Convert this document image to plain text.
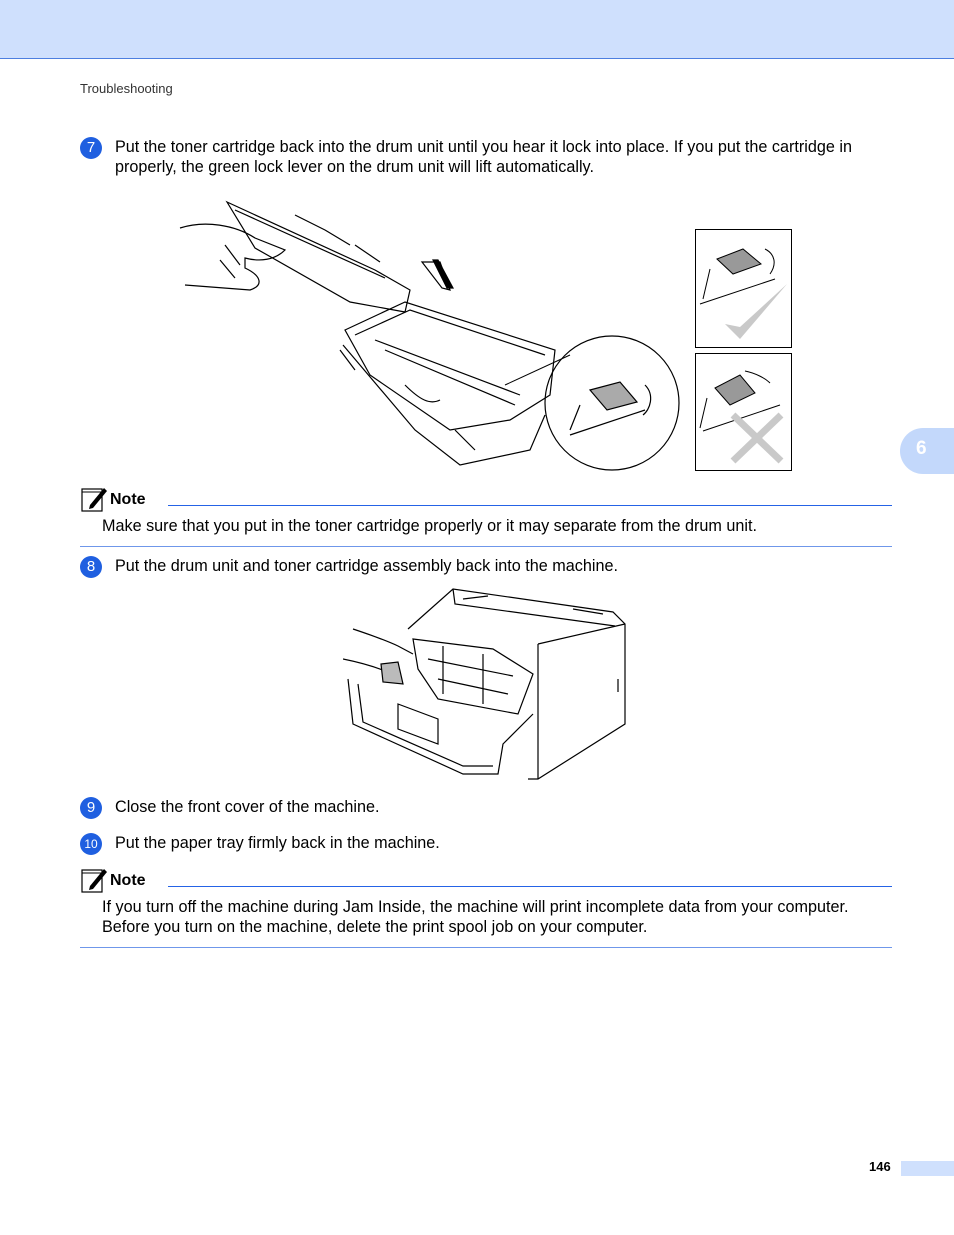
Troubleshooting
6
7	Put the toner cartridge back into the drum unit until you hear it lock into place. If you put the cartridge in properly, the green lock lever on the drum unit will lift automatically.
Note
Make sure that you put in the toner cartridge properly or it may separate from the drum unit.
8	Put the drum unit and toner cartridge assembly back into the machine.
9	Close the front cover of the machine.
10 Put the paper tray firmly back in the machine.
Note
If you turn off the machine during Jam Inside, the machine will print incomplete data from your computer. Before you turn on the machine, delete the print spool job on your computer.
146
